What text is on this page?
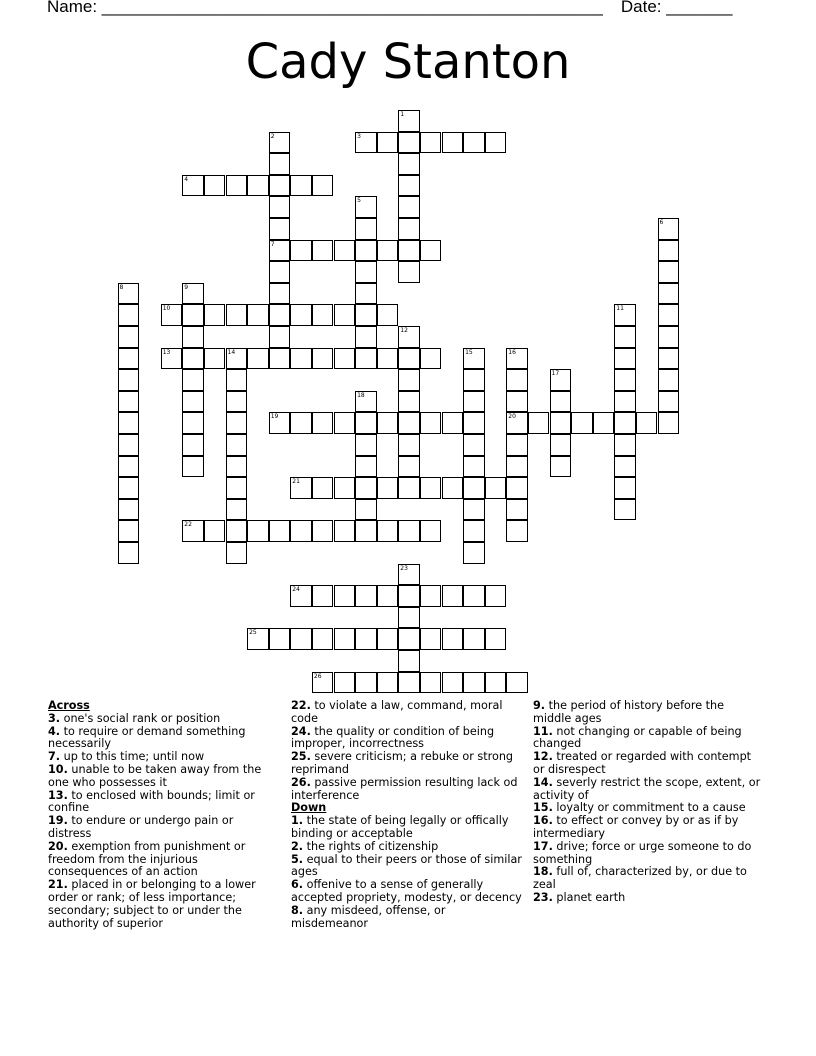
Name: _____________________________________________________ Date: _______
Cady Stanton
1
2
7
3
4
5
6
8	9
10	11
12
13	14	15	16
20
17
18
19
21
22
23
24
25
26

Across

3. one's social rank or position

4. to require or demand something necessarily

7. up to this time; until now

10. unable to be taken away from the one who possesses it

13. to enclosed with bounds; limit or confine

19. to endure or undergo pain or distress

20. exemption from punishment or freedom from the injurious consequences of an action

21. placed in or belonging to a lower order or rank; of less importance; secondary; subject to or under the authority of superior

22. to violate a law, command, moral code

24. the quality or condition of being improper, incorrectness

25. severe criticism; a rebuke or strong reprimand

26. passive permission resulting lack od interference

Down

1. the state of being legally or offically binding or acceptable

2. the rights of citizenship

5. equal to their peers or those of similar ages

6. offenive to a sense of generally accepted propriety, modesty, or decency

8. any misdeed, offense, or misdemeanor

9. the period of history before the middle ages

11. not changing or capable of being changed

12. treated or regarded with contempt or disrespect

14. severly restrict the scope, extent, or activity of

15. loyalty or commitment to a cause

16. to effect or convey by or as if by intermediary

17. drive; force or urge someone to do something

18. full of, characterized by, or due to zeal

23. planet earth
